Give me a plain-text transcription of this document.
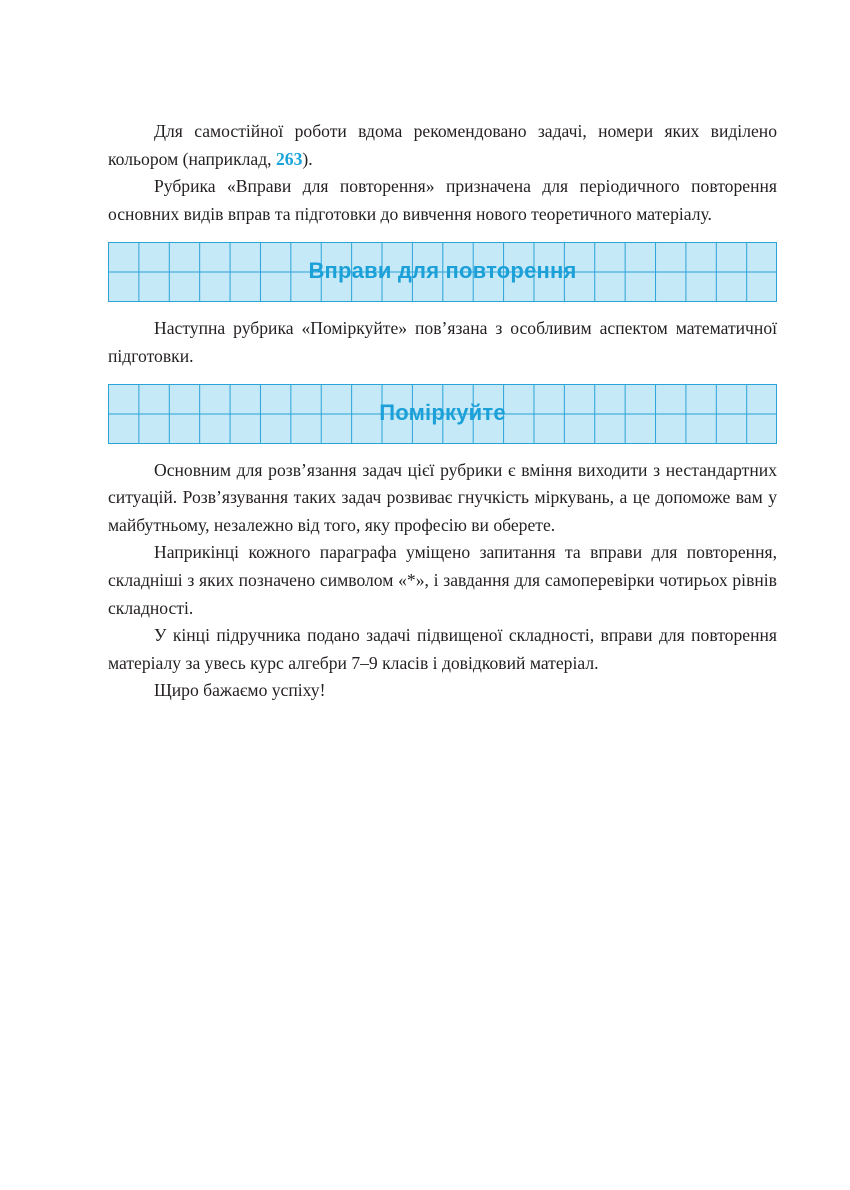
Для самостійної роботи вдома рекомендовано задачі, номери яких виділено кольором (наприклад, 263).

Рубрика «Вправи для повторення» призначена для періодичного повторення основних видів вправ та підготовки до вивчення нового теоретичного матеріалу.

Вправи для повторення

Наступна рубрика «Поміркуйте» пов’язана з особливим аспектом математичної підготовки.

Поміркуйте

Основним для розв’язання задач цієї рубрики є вміння виходити з нестандартних ситуацій. Розв’язування таких задач розвиває гнучкість міркувань, а це допоможе вам у майбутньому, незалежно від того, яку професію ви оберете.

Наприкінці кожного параграфа уміщено запитання та вправи для повторення, складніші з яких позначено символом «*», і завдання для самоперевірки чотирьох рівнів складності.

У кінці підручника подано задачі підвищеної складності, вправи для повторення матеріалу за увесь курс алгебри 7–9 класів і довідковий матеріал.

Щиро бажаємо успіху!
